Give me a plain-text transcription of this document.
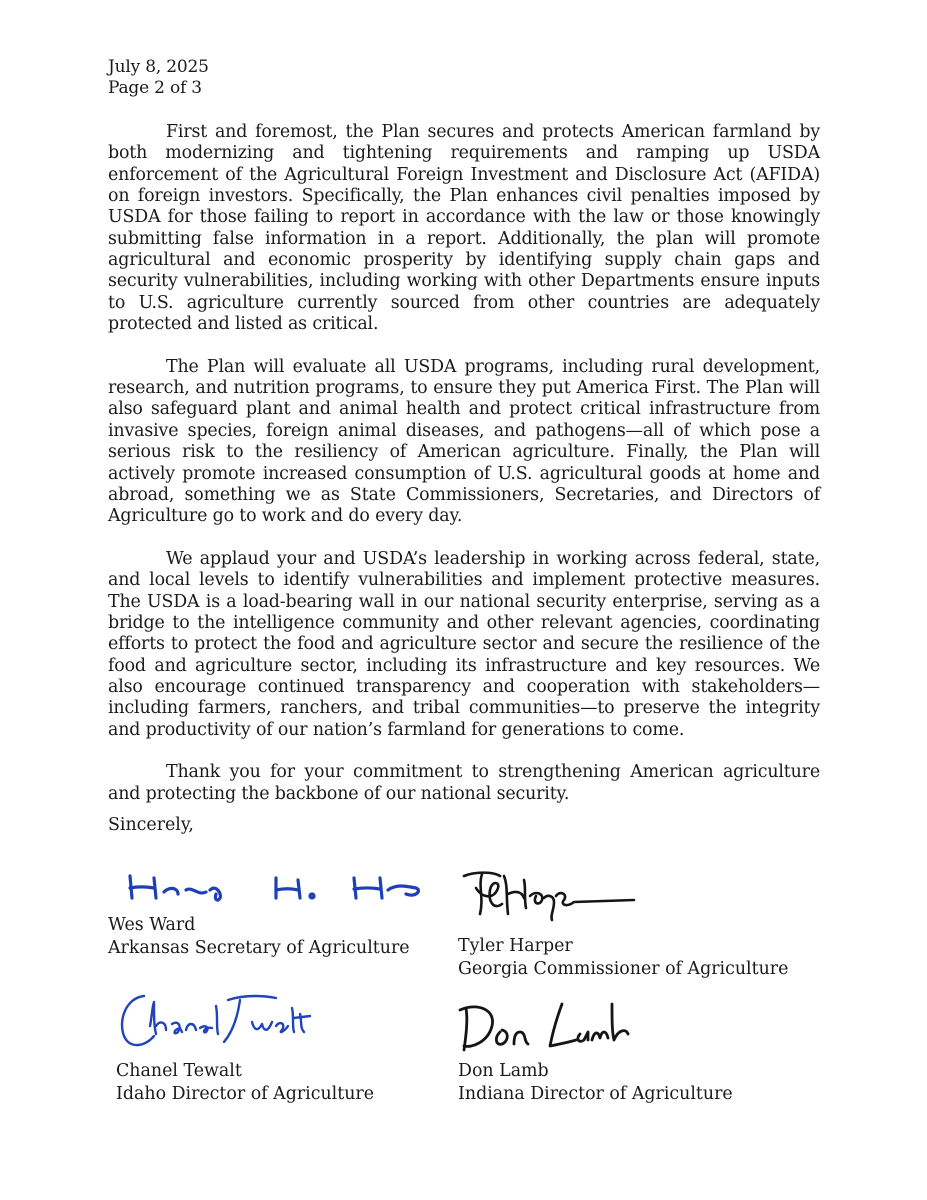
July 8, 2025
Page 2 of 3

First and foremost, the Plan secures and protects American farmland by both modernizing and tightening requirements and ramping up USDA enforcement of the Agricultural Foreign Investment and Disclosure Act (AFIDA) on foreign investors. Specifically, the Plan enhances civil penalties imposed by USDA for those failing to report in accordance with the law or those knowingly submitting false information in a report. Additionally, the plan will promote agricultural and economic prosperity by identifying supply chain gaps and security vulnerabilities, including working with other Departments ensure inputs to U.S. agriculture currently sourced from other countries are adequately protected and listed as critical.

The Plan will evaluate all USDA programs, including rural development, research, and nutrition programs, to ensure they put America First. The Plan will also safeguard plant and animal health and protect critical infrastructure from invasive species, foreign animal diseases, and pathogens—all of which pose a serious risk to the resiliency of American agriculture. Finally, the Plan will actively promote increased consumption of U.S. agricultural goods at home and abroad, something we as State Commissioners, Secretaries, and Directors of Agriculture go to work and do every day.

We applaud your and USDA’s leadership in working across federal, state, and local levels to identify vulnerabilities and implement protective measures. The USDA is a load-bearing wall in our national security enterprise, serving as a bridge to the intelligence community and other relevant agencies, coordinating efforts to protect the food and agriculture sector and secure the resilience of the food and agriculture sector, including its infrastructure and key resources. We also encourage continued transparency and cooperation with stakeholders—including farmers, ranchers, and tribal communities—to preserve the integrity and productivity of our nation’s farmland for generations to come.

Thank you for your commitment to strengthening American agriculture and protecting the backbone of our national security.

Sincerely,
Wes Ward
Arkansas Secretary of Agriculture	Tyler Harper
Georgia Commissioner of Agriculture
Chanel Tewalt
Idaho Director of Agriculture
Don Lamb
Indiana Director of Agriculture
